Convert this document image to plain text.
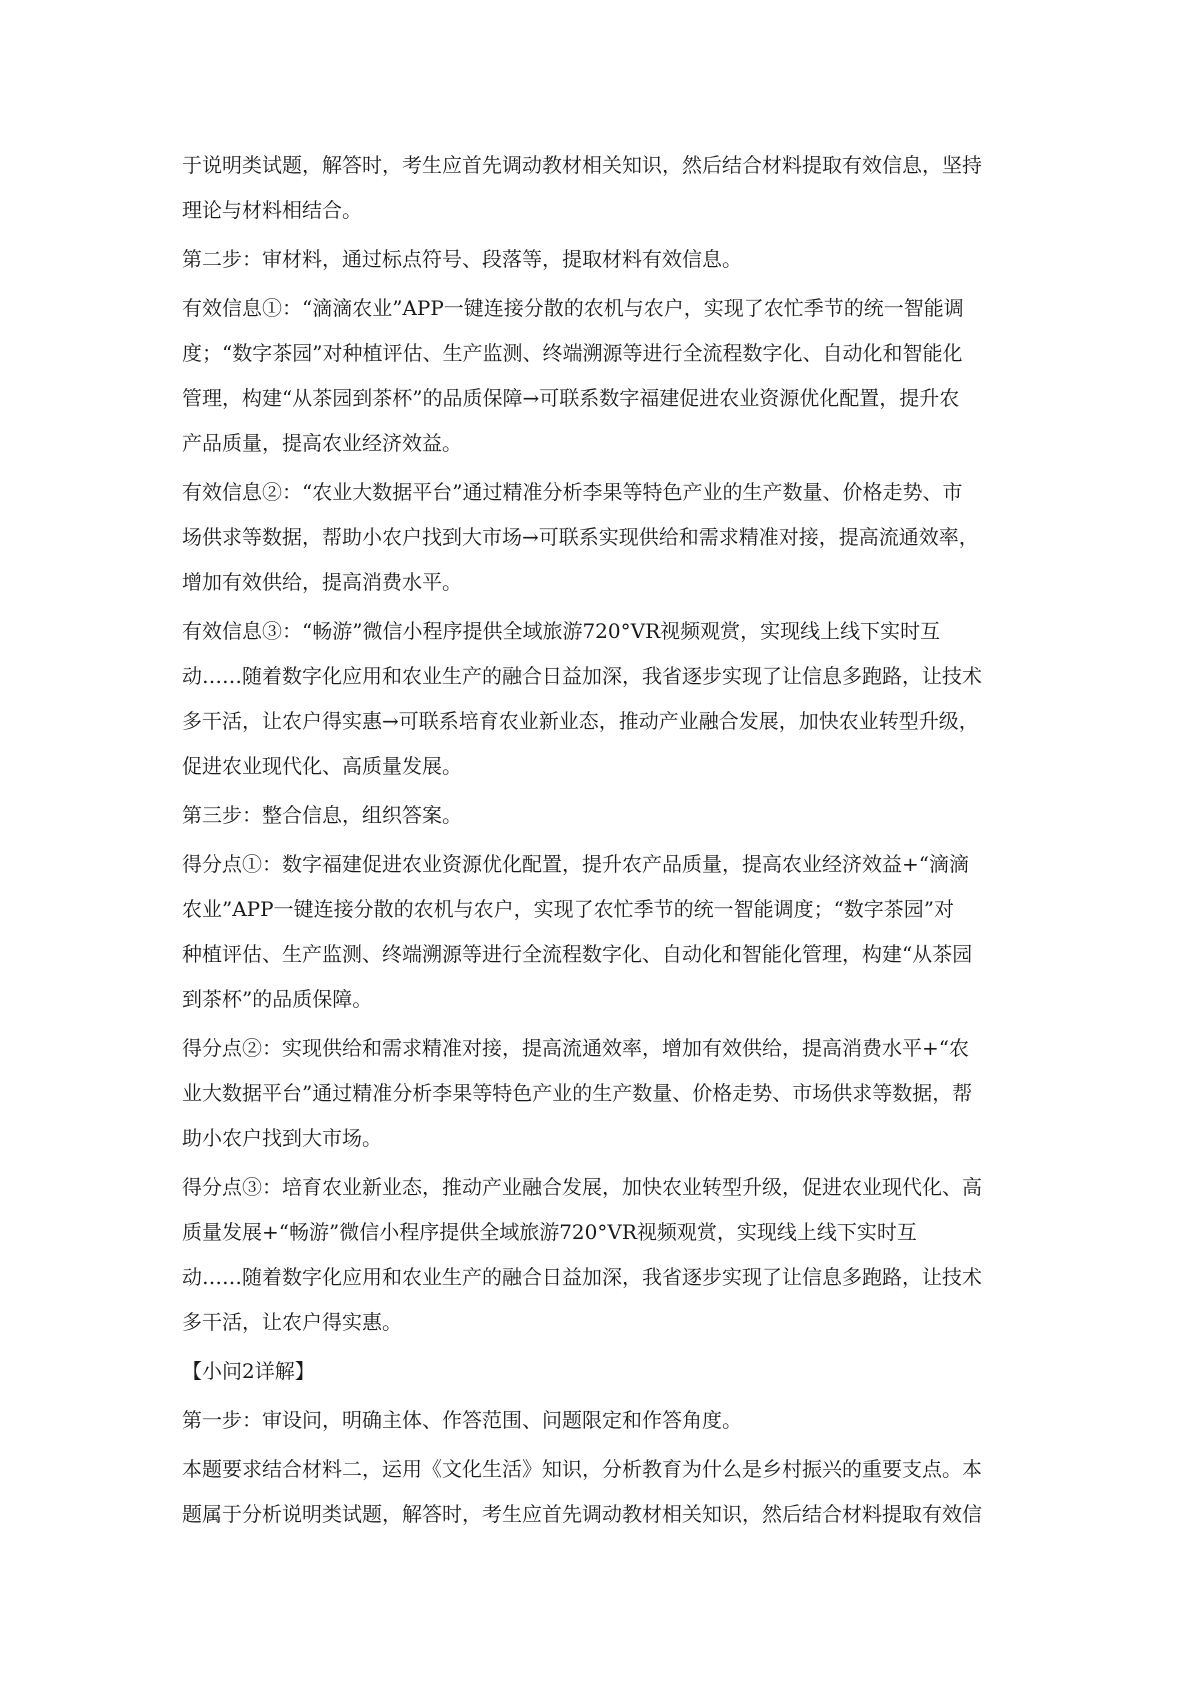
于说明类试题，解答时，考生应首先调动教材相关知识，然后结合材料提取有效信息，坚持
理论与材料相结合。

第二步：审材料，通过标点符号、段落等，提取材料有效信息。

有效信息①：“滴滴农业”APP一键连接分散的农机与农户，实现了农忙季节的统一智能调
度；“数字茶园”对种植评估、生产监测、终端溯源等进行全流程数字化、自动化和智能化
管理，构建“从茶园到茶杯”的品质保障→可联系数字福建促进农业资源优化配置，提升农
产品质量，提高农业经济效益。

有效信息②：“农业大数据平台”通过精准分析李果等特色产业的生产数量、价格走势、市
场供求等数据，帮助小农户找到大市场→可联系实现供给和需求精准对接，提高流通效率，
增加有效供给，提高消费水平。

有效信息③：“畅游”微信小程序提供全域旅游720°VR视频观赏，实现线上线下实时互
动……随着数字化应用和农业生产的融合日益加深，我省逐步实现了让信息多跑路，让技术
多干活，让农户得实惠→可联系培育农业新业态，推动产业融合发展，加快农业转型升级，
促进农业现代化、高质量发展。

第三步：整合信息，组织答案。

得分点①：数字福建促进农业资源优化配置，提升农产品质量，提高农业经济效益+“滴滴
农业”APP一键连接分散的农机与农户，实现了农忙季节的统一智能调度；“数字茶园”对
种植评估、生产监测、终端溯源等进行全流程数字化、自动化和智能化管理，构建“从茶园
到茶杯”的品质保障。

得分点②：实现供给和需求精准对接，提高流通效率，增加有效供给，提高消费水平+“农
业大数据平台”通过精准分析李果等特色产业的生产数量、价格走势、市场供求等数据，帮
助小农户找到大市场。

得分点③：培育农业新业态，推动产业融合发展，加快农业转型升级，促进农业现代化、高
质量发展+“畅游”微信小程序提供全域旅游720°VR视频观赏，实现线上线下实时互
动……随着数字化应用和农业生产的融合日益加深，我省逐步实现了让信息多跑路，让技术
多干活，让农户得实惠。

【小问2详解】

第一步：审设问，明确主体、作答范围、问题限定和作答角度。

本题要求结合材料二，运用《文化生活》知识，分析教育为什么是乡村振兴的重要支点。本
题属于分析说明类试题，解答时，考生应首先调动教材相关知识，然后结合材料提取有效信
